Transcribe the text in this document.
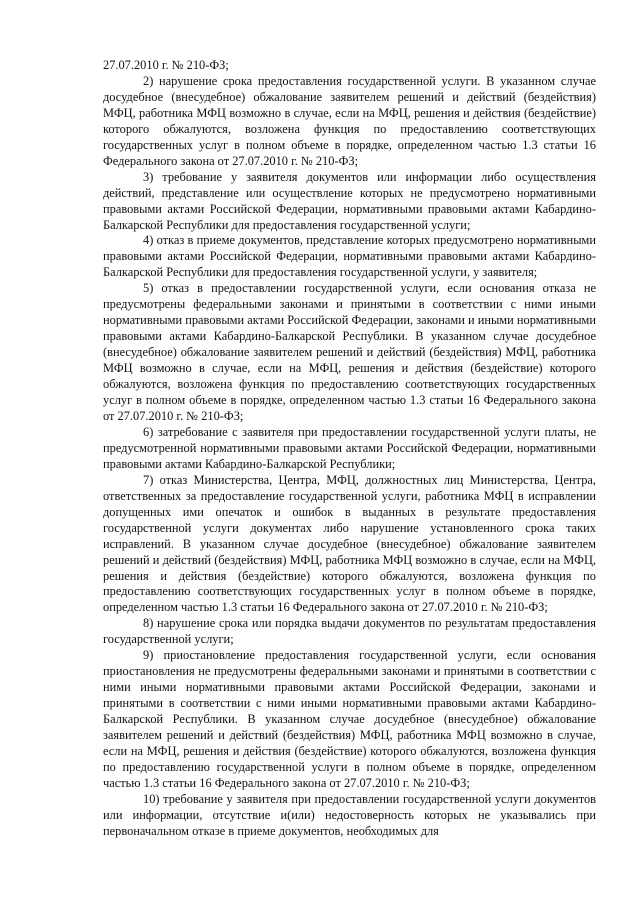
27.07.2010 г. № 210-ФЗ;

2) нарушение срока предоставления государственной услуги. В указанном случае досудебное (внесудебное) обжалование заявителем решений и действий (бездействия) МФЦ, работника МФЦ возможно в случае, если на МФЦ, решения и действия (бездействие) которого обжалуются, возложена функция по предоставлению соответствующих государственных услуг в полном объеме в порядке, определенном частью 1.3 статьи 16 Федерального закона от 27.07.2010 г. № 210-ФЗ;

3) требование у заявителя документов или информации либо осуществления действий, представление или осуществление которых не предусмотрено нормативными правовыми актами Российской Федерации, нормативными правовыми актами Кабардино-Балкарской Республики для предоставления государственной услуги;

4) отказ в приеме документов, представление которых предусмотрено нормативными правовыми актами Российской Федерации, нормативными правовыми актами Кабардино-Балкарской Республики для предоставления государственной услуги, у заявителя;

5) отказ в предоставлении государственной услуги, если основания отказа не предусмотрены федеральными законами и принятыми в соответствии с ними иными нормативными правовыми актами Российской Федерации, законами и иными нормативными правовыми актами Кабардино-Балкарской Республики. В указанном случае досудебное (внесудебное) обжалование заявителем решений и действий (бездействия) МФЦ, работника МФЦ возможно в случае, если на МФЦ, решения и действия (бездействие) которого обжалуются, возложена функция по предоставлению соответствующих государственных услуг в полном объеме в порядке, определенном частью 1.3 статьи 16 Федерального закона от 27.07.2010 г. № 210-ФЗ;

6) затребование с заявителя при предоставлении государственной услуги платы, не предусмотренной нормативными правовыми актами Российской Федерации, нормативными правовыми актами Кабардино-Балкарской Республики;

7) отказ Министерства, Центра, МФЦ, должностных лиц Министерства, Центра, ответственных за предоставление государственной услуги, работника МФЦ в исправлении допущенных ими опечаток и ошибок в выданных в результате предоставления государственной услуги документах либо нарушение установленного срока таких исправлений. В указанном случае досудебное (внесудебное) обжалование заявителем решений и действий (бездействия) МФЦ, работника МФЦ возможно в случае, если на МФЦ, решения и действия (бездействие) которого обжалуются, возложена функция по предоставлению соответствующих государственных услуг в полном объеме в порядке, определенном частью 1.3 статьи 16 Федерального закона от 27.07.2010 г. № 210-ФЗ;

8) нарушение срока или порядка выдачи документов по результатам предоставления государственной услуги;

9) приостановление предоставления государственной услуги, если основания приостановления не предусмотрены федеральными законами и принятыми в соответствии с ними иными нормативными правовыми актами Российской Федерации, законами и принятыми в соответствии с ними иными нормативными правовыми актами Кабардино-Балкарской Республики. В указанном случае досудебное (внесудебное) обжалование заявителем решений и действий (бездействия) МФЦ, работника МФЦ возможно в случае, если на МФЦ, решения и действия (бездействие) которого обжалуются, возложена функция по предоставлению государственной услуги в полном объеме в порядке, определенном частью 1.3 статьи 16 Федерального закона от 27.07.2010 г. № 210-ФЗ;

10) требование у заявителя при предоставлении государственной услуги документов или информации, отсутствие и(или) недостоверность которых не указывались при первоначальном отказе в приеме документов, необходимых для
